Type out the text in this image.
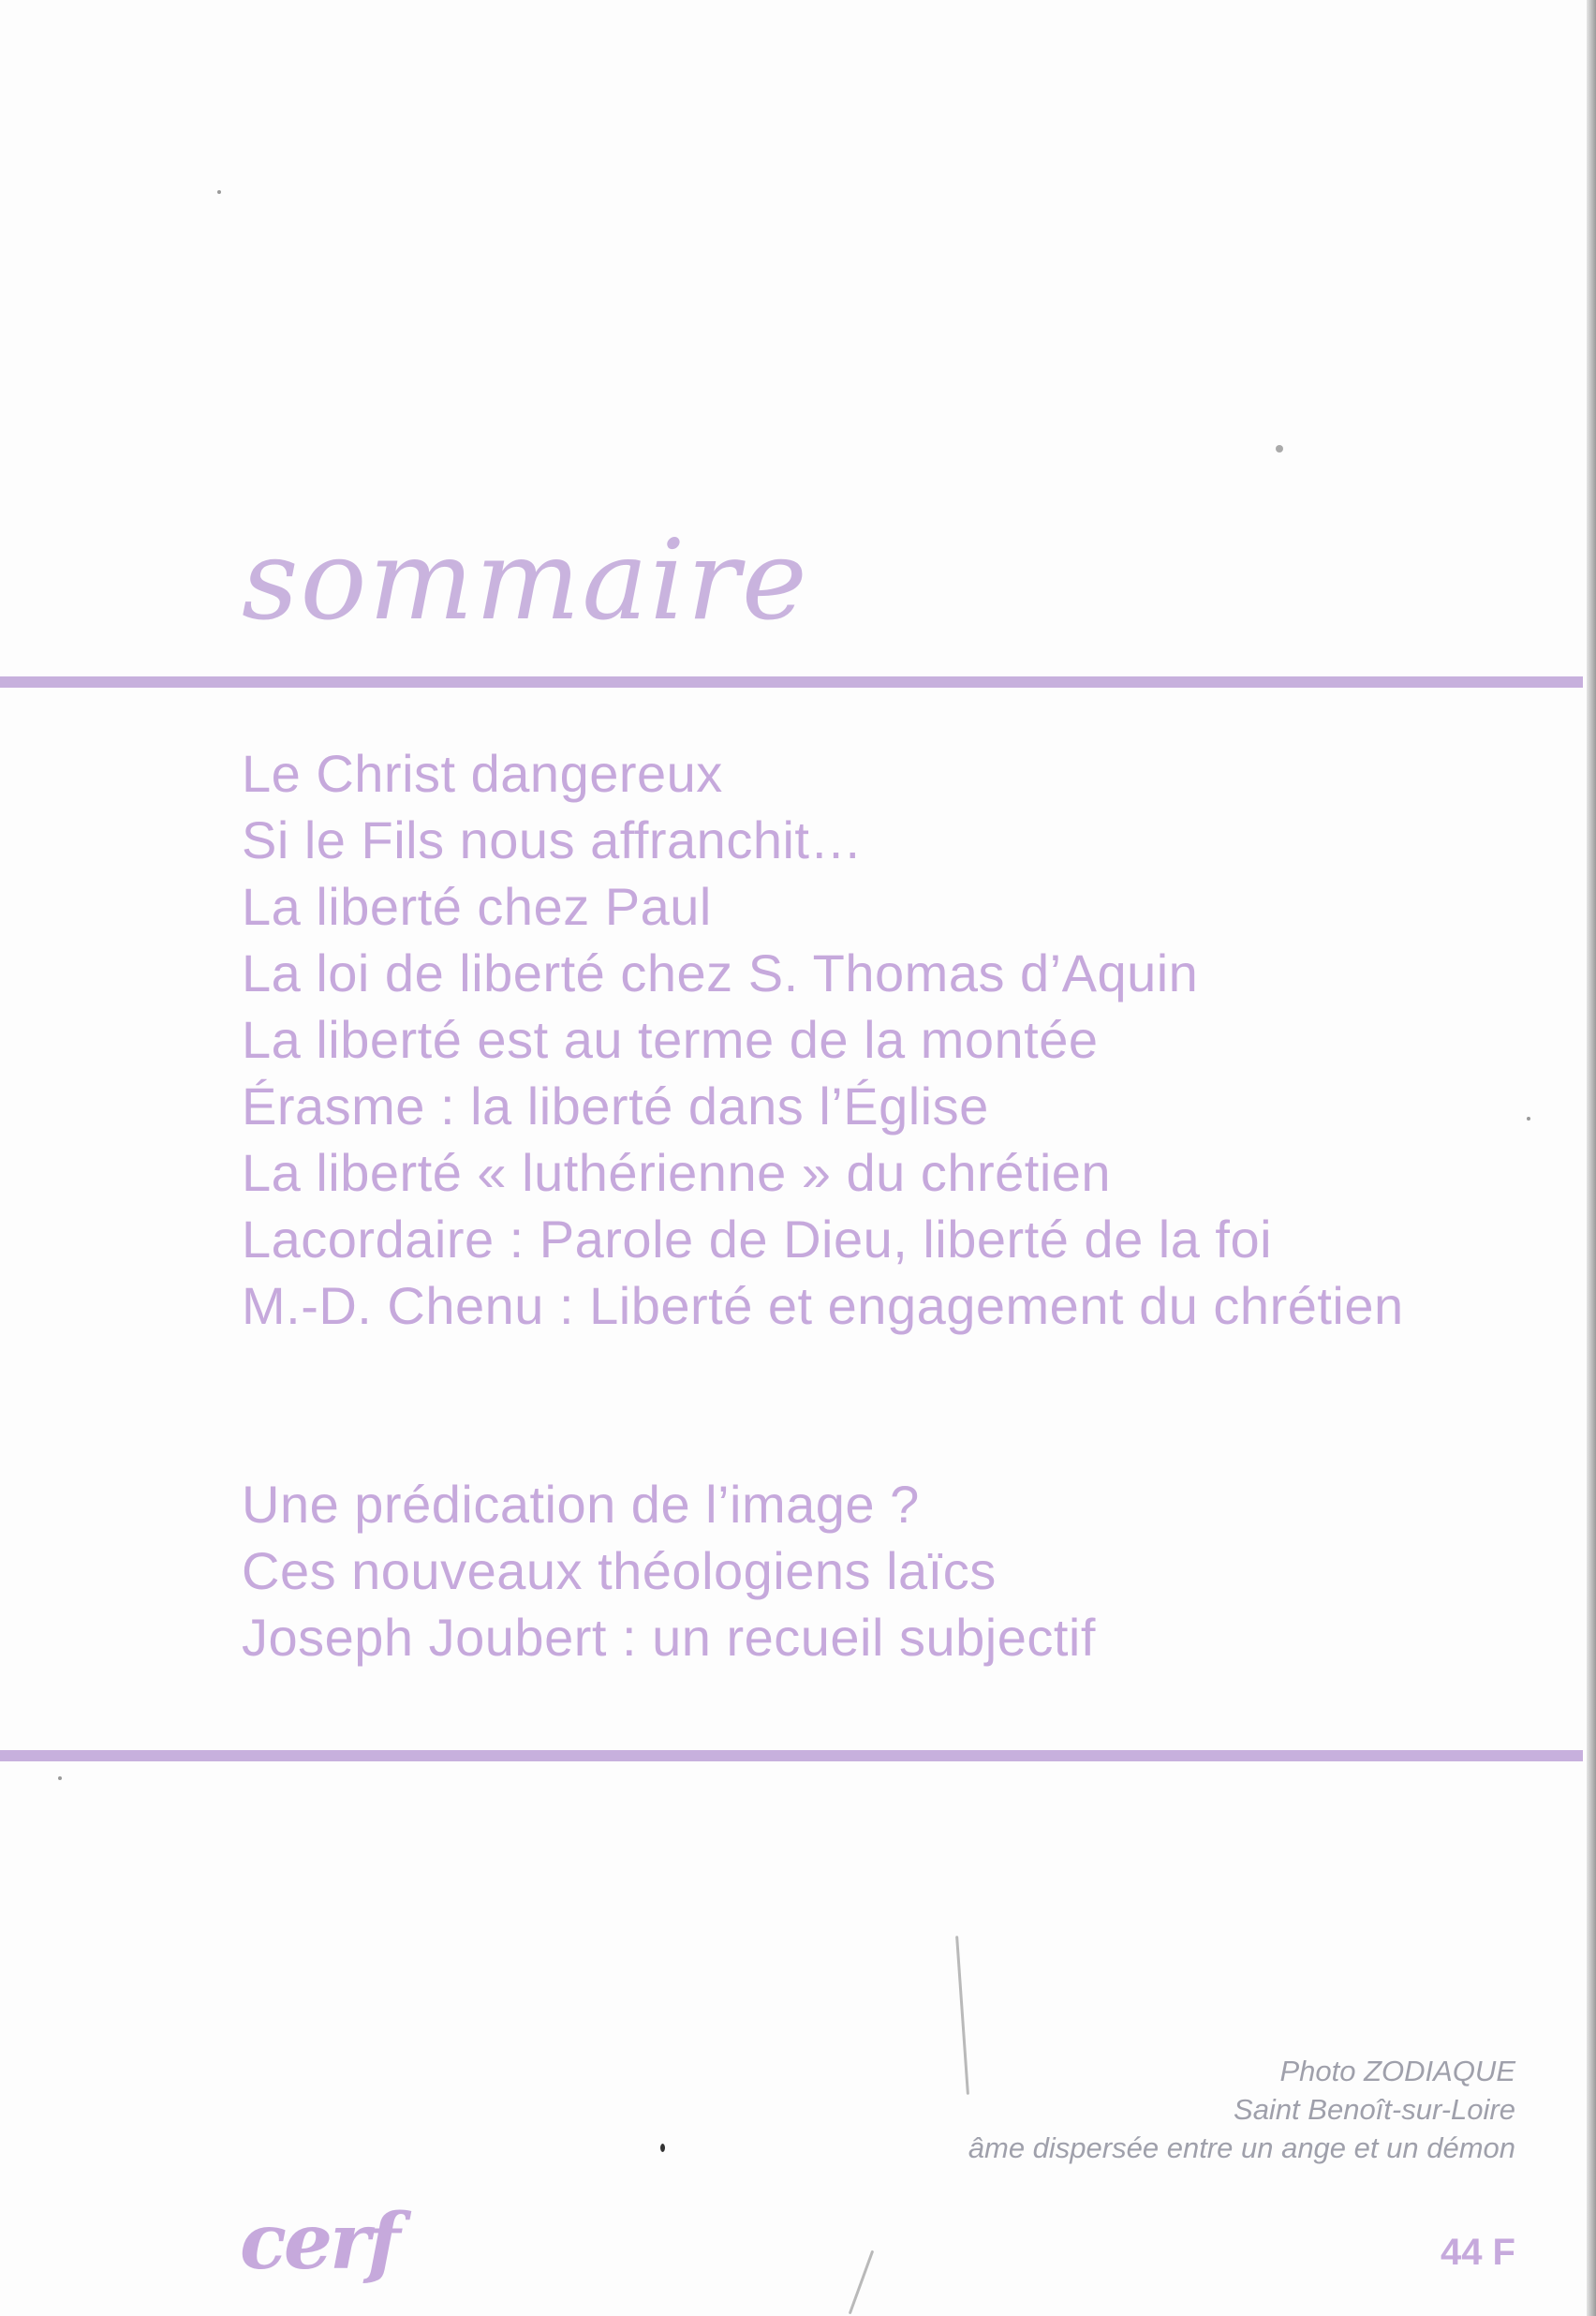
sommaire
Le Christ dangereux
Si le Fils nous affranchit…
La liberté chez Paul
La loi de liberté chez S. Thomas d’Aquin
La liberté est au terme de la montée
Érasme : la liberté dans l’Église
La liberté « luthérienne » du chrétien
Lacordaire : Parole de Dieu, liberté de la foi
M.-D. Chenu : Liberté et engagement du chrétien
Une prédication de l’image ?
Ces nouveaux théologiens laïcs
Joseph Joubert : un recueil subjectif
Photo ZODIAQUE
Saint Benoît-sur-Loire
âme dispersée entre un ange et un démon
cerf	44 F
